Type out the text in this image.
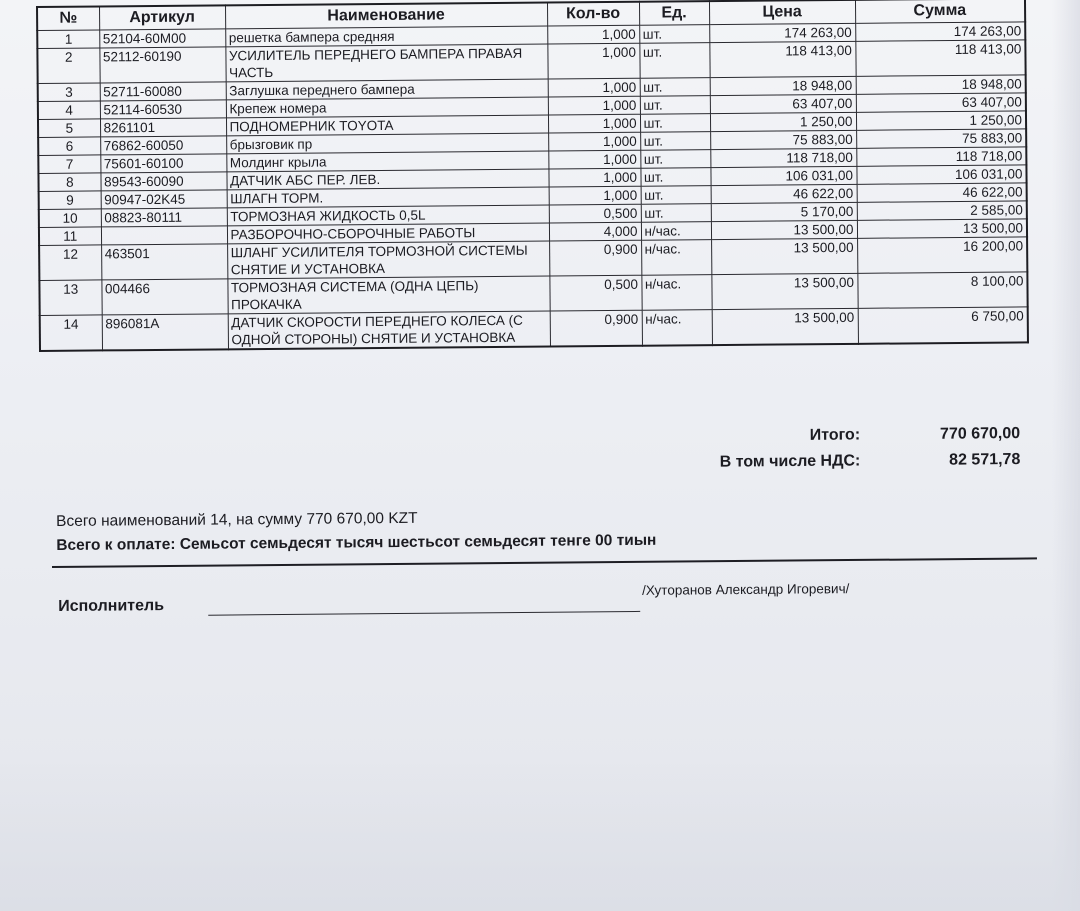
№	Артикул	Наименование	Кол-во	Ед.	Цена	Сумма
1	52104-60M00	решетка бампера средняя	1,000	шт.	174 263,00	174 263,00
2	52112-60190	УСИЛИТЕЛЬ ПЕРЕДНЕГО БАМПЕРА ПРАВАЯ ЧАСТЬ	1,000	шт.	118 413,00	118 413,00
3	52711-60080	Заглушка переднего бампера	1,000	шт.	18 948,00	18 948,00
4	52114-60530	Крепеж номера	1,000	шт.	63 407,00	63 407,00
5	8261101	ПОДНОМЕРНИК TOYOTA	1,000	шт.	1 250,00	1 250,00
6	76862-60050	брызговик пр	1,000	шт.	75 883,00	75 883,00
7	75601-60100	Молдинг крыла	1,000	шт.	118 718,00	118 718,00
8	89543-60090	ДАТЧИК АБС ПЕР. ЛЕВ.	1,000	шт.	106 031,00	106 031,00
9	90947-02K45	ШЛАГН ТОРМ.	1,000	шт.	46 622,00	46 622,00
10	08823-80111	ТОРМОЗНАЯ ЖИДКОСТЬ 0,5L	0,500	шт.	5 170,00	2 585,00
11		РАЗБОРОЧНО-СБОРОЧНЫЕ РАБОТЫ	4,000	н/час.	13 500,00	13 500,00
12	463501	ШЛАНГ УСИЛИТЕЛЯ ТОРМОЗНОЙ СИСТЕМЫ СНЯТИЕ И УСТАНОВКА	0,900	н/час.	13 500,00	16 200,00
13	004466	ТОРМОЗНАЯ СИСТЕМА (ОДНА ЦЕПЬ) ПРОКАЧКА	0,500	н/час.	13 500,00	8 100,00
14	896081A	ДАТЧИК СКОРОСТИ ПЕРЕДНЕГО КОЛЕСА (С ОДНОЙ СТОРОНЫ) СНЯТИЕ И УСТАНОВКА	0,900	н/час.	13 500,00	6 750,00
Итого:	770 670,00
В том числе НДС:	82 571,78
Всего наименований 14, на сумму 770 670,00 KZT
Всего к оплате: Семьсот семьдесят тысяч шестьсот семьдесят тенге 00 тиын
Исполнитель
/Хуторанов Александр Игоревич/
